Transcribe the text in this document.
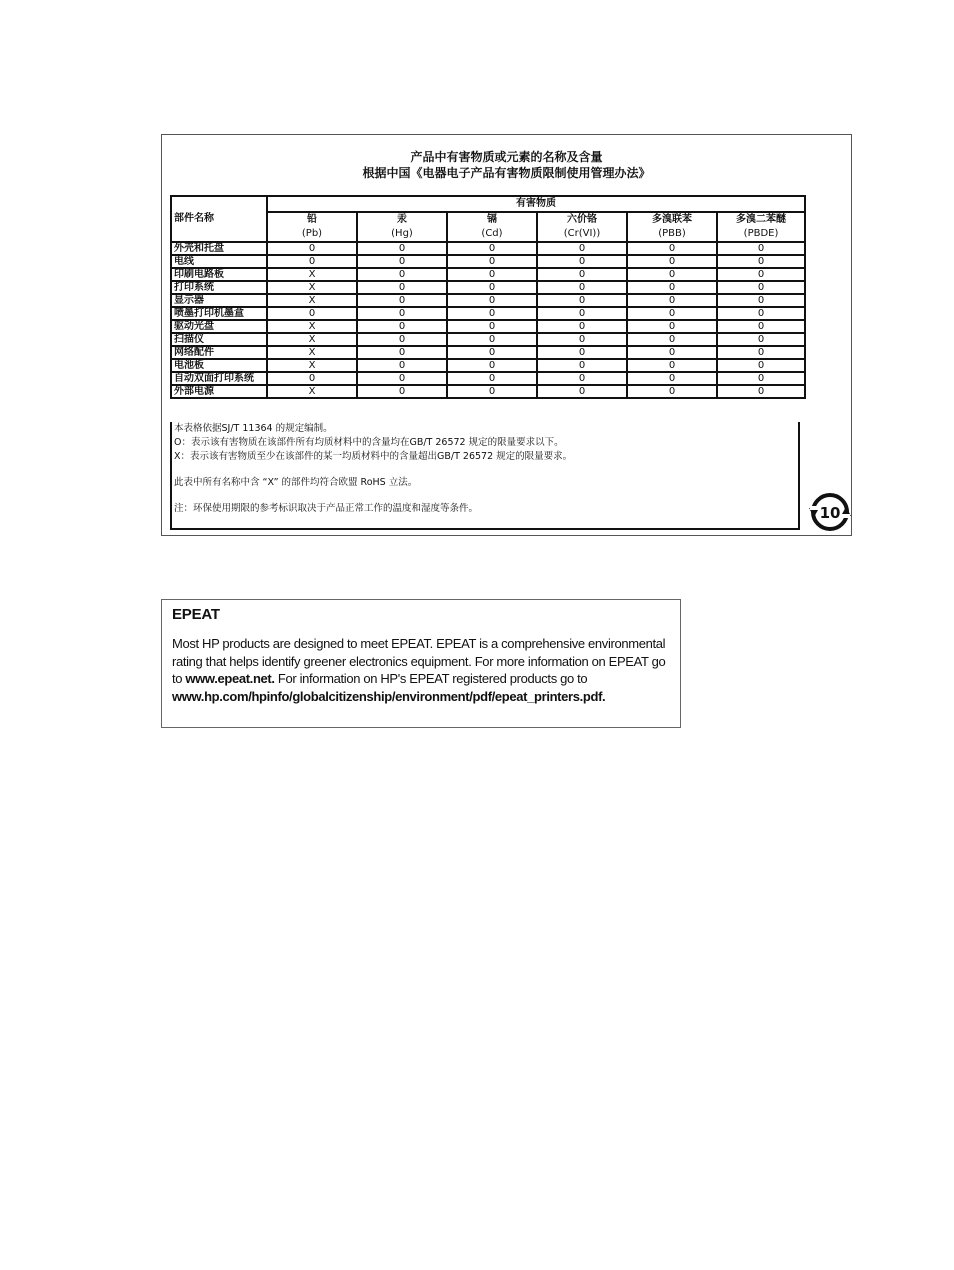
产品中有害物质或元素的名称及含量
根据中国《电器电子产品有害物质限制使用管理办法》
部件名称	有害物质					
	铅	汞	镉	六价铬	多溴联苯	多溴二苯醚
	(Pb)	(Hg)	(Cd)	(Cr(VI))	(PBB)	(PBDE)
外壳和托盘	0	0	0	0	0	0
电线	0	0	0	0	0	0
印刷电路板	X	0	0	0	0	0
打印系统	X	0	0	0	0	0
显示器	X	0	0	0	0	0
喷墨打印机墨盒	0	0	0	0	0	0
驱动光盘	X	0	0	0	0	0
扫描仪	X	0	0	0	0	0
网络配件	X	0	0	0	0	0
电池板	X	0	0	0	0	0
自动双面打印系统	0	0	0	0	0	0
外部电源	X	0	0	0	0	0
本表格依据SJ/T 11364 的规定编制。
O：表示该有害物质在该部件所有均质材料中的含量均在GB/T 26572 规定的限量要求以下。
X：表示该有害物质至少在该部件的某一均质材料中的含量超出GB/T 26572 规定的限量要求。
此表中所有名称中含 “X” 的部件均符合欧盟 RoHS 立法。
注：环保使用期限的参考标识取决于产品正常工作的温度和湿度等条件。	10
EPEAT
Most HP products are designed to meet EPEAT. EPEAT is a comprehensive environmental rating that helps identify greener electronics equipment. For more information on EPEAT go to www.epeat.net. For information on HP's EPEAT registered products go to
www.hp.com/hpinfo/globalcitizenship/environment/pdf/epeat_printers.pdf.
